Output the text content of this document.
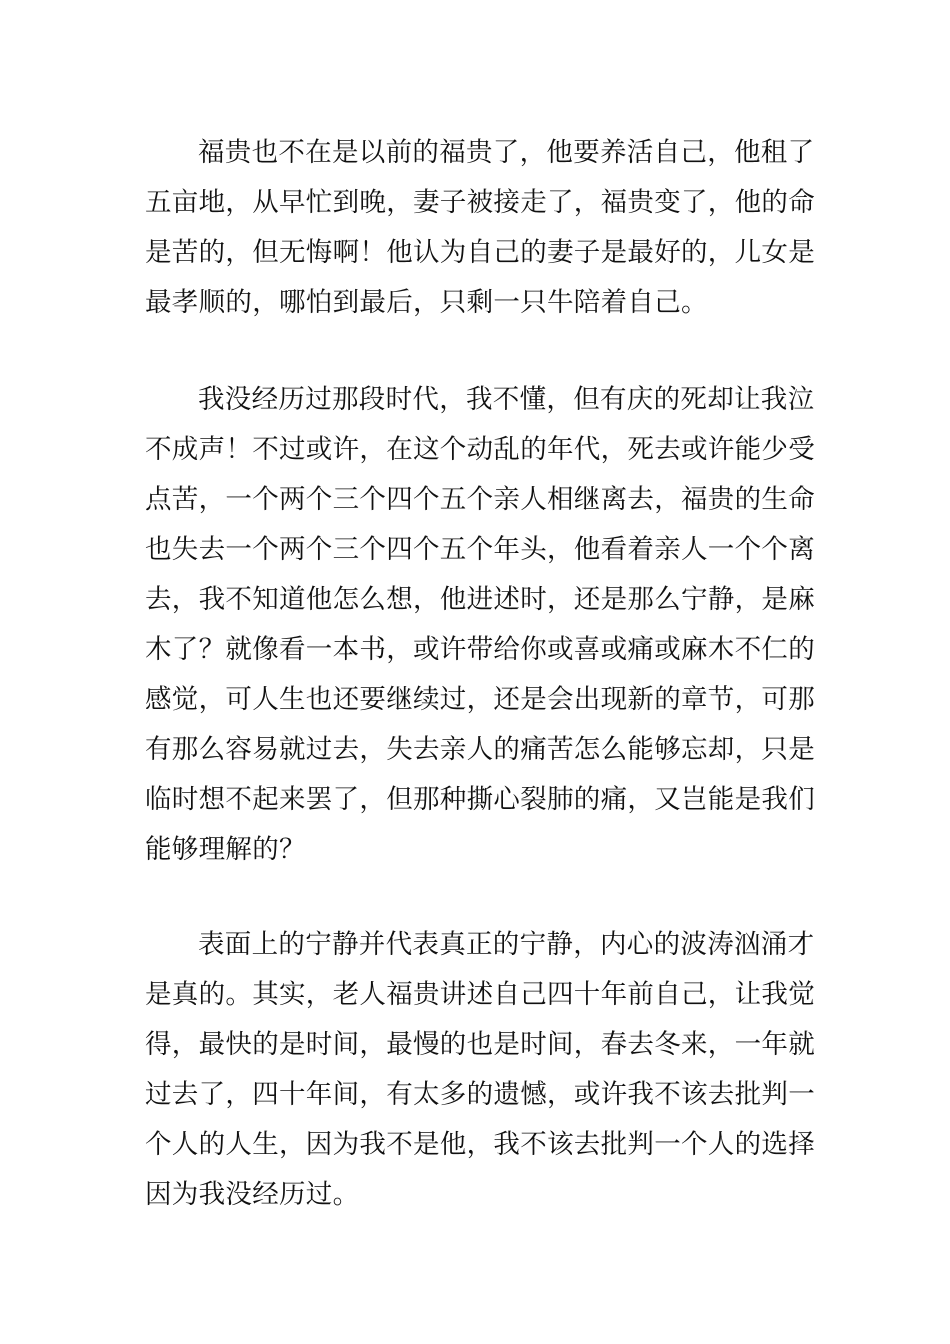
福贵也不在是以前的福贵了，他要养活自己，他租了
五亩地，从早忙到晚，妻子被接走了，福贵变了，他的命
是苦的，但无悔啊！他认为自己的妻子是最好的，儿女是
最孝顺的，哪怕到最后，只剩一只牛陪着自己。
我没经历过那段时代，我不懂，但有庆的死却让我泣
不成声！不过或许，在这个动乱的年代，死去或许能少受
点苦，一个两个三个四个五个亲人相继离去，福贵的生命
也失去一个两个三个四个五个年头，他看着亲人一个个离
去，我不知道他怎么想，他进述时，还是那么宁静，是麻
木了？就像看一本书，或许带给你或喜或痛或麻木不仁的
感觉，可人生也还要继续过，还是会出现新的章节，可那
有那么容易就过去，失去亲人的痛苦怎么能够忘却，只是
临时想不起来罢了，但那种撕心裂肺的痛，又岂能是我们
能够理解的？
表面上的宁静并代表真正的宁静，内心的波涛汹涌才
是真的。其实，老人福贵讲述自己四十年前自己，让我觉
得，最快的是时间，最慢的也是时间，春去冬来，一年就
过去了，四十年间，有太多的遗憾，或许我不该去批判一
个人的人生，因为我不是他，我不该去批判一个人的选择
因为我没经历过。
